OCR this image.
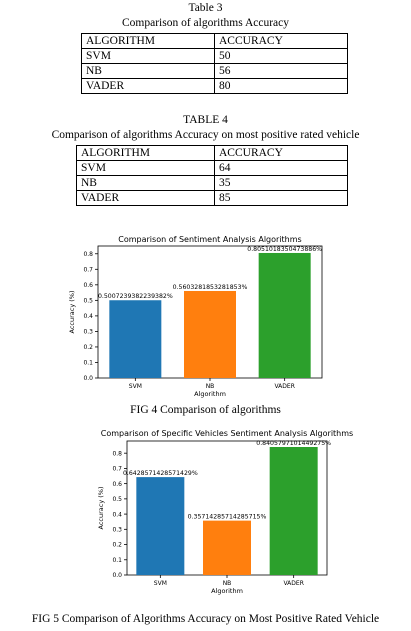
Table 3
Comparison of algorithms Accuracy
ALGORITHM	ACCURACY
SVM	50
NB	56
VADER	80
TABLE 4
Comparison of algorithms Accuracy on most positive rated vehicle
ALGORITHM	ACCURACY
SVM	64
NB	35
VADER	85
Comparison of Sentiment Analysis Algorithms
0.0
0.1
0.2
0.3
0.4
0.5
0.6
0.7
0.8
0.5007239382239382%
SVM
0.5603281853281853%
NB
0.8051018350473886%
VADER
Algorithm
Accuracy (%)
FIG 4 Comparison of algorithms
Comparison of Specific Vehicles Sentiment Analysis Algorithms
0.0
0.1
0.2
0.3
0.4
0.5
0.6
0.7
0.8
0.6428571428571429%
SVM
0.35714285714285715%
NB
0.8405797101449275%
VADER
Algorithm
Accuracy (%)
FIG 5 Comparison of Algorithms Accuracy on Most Positive Rated Vehicle
